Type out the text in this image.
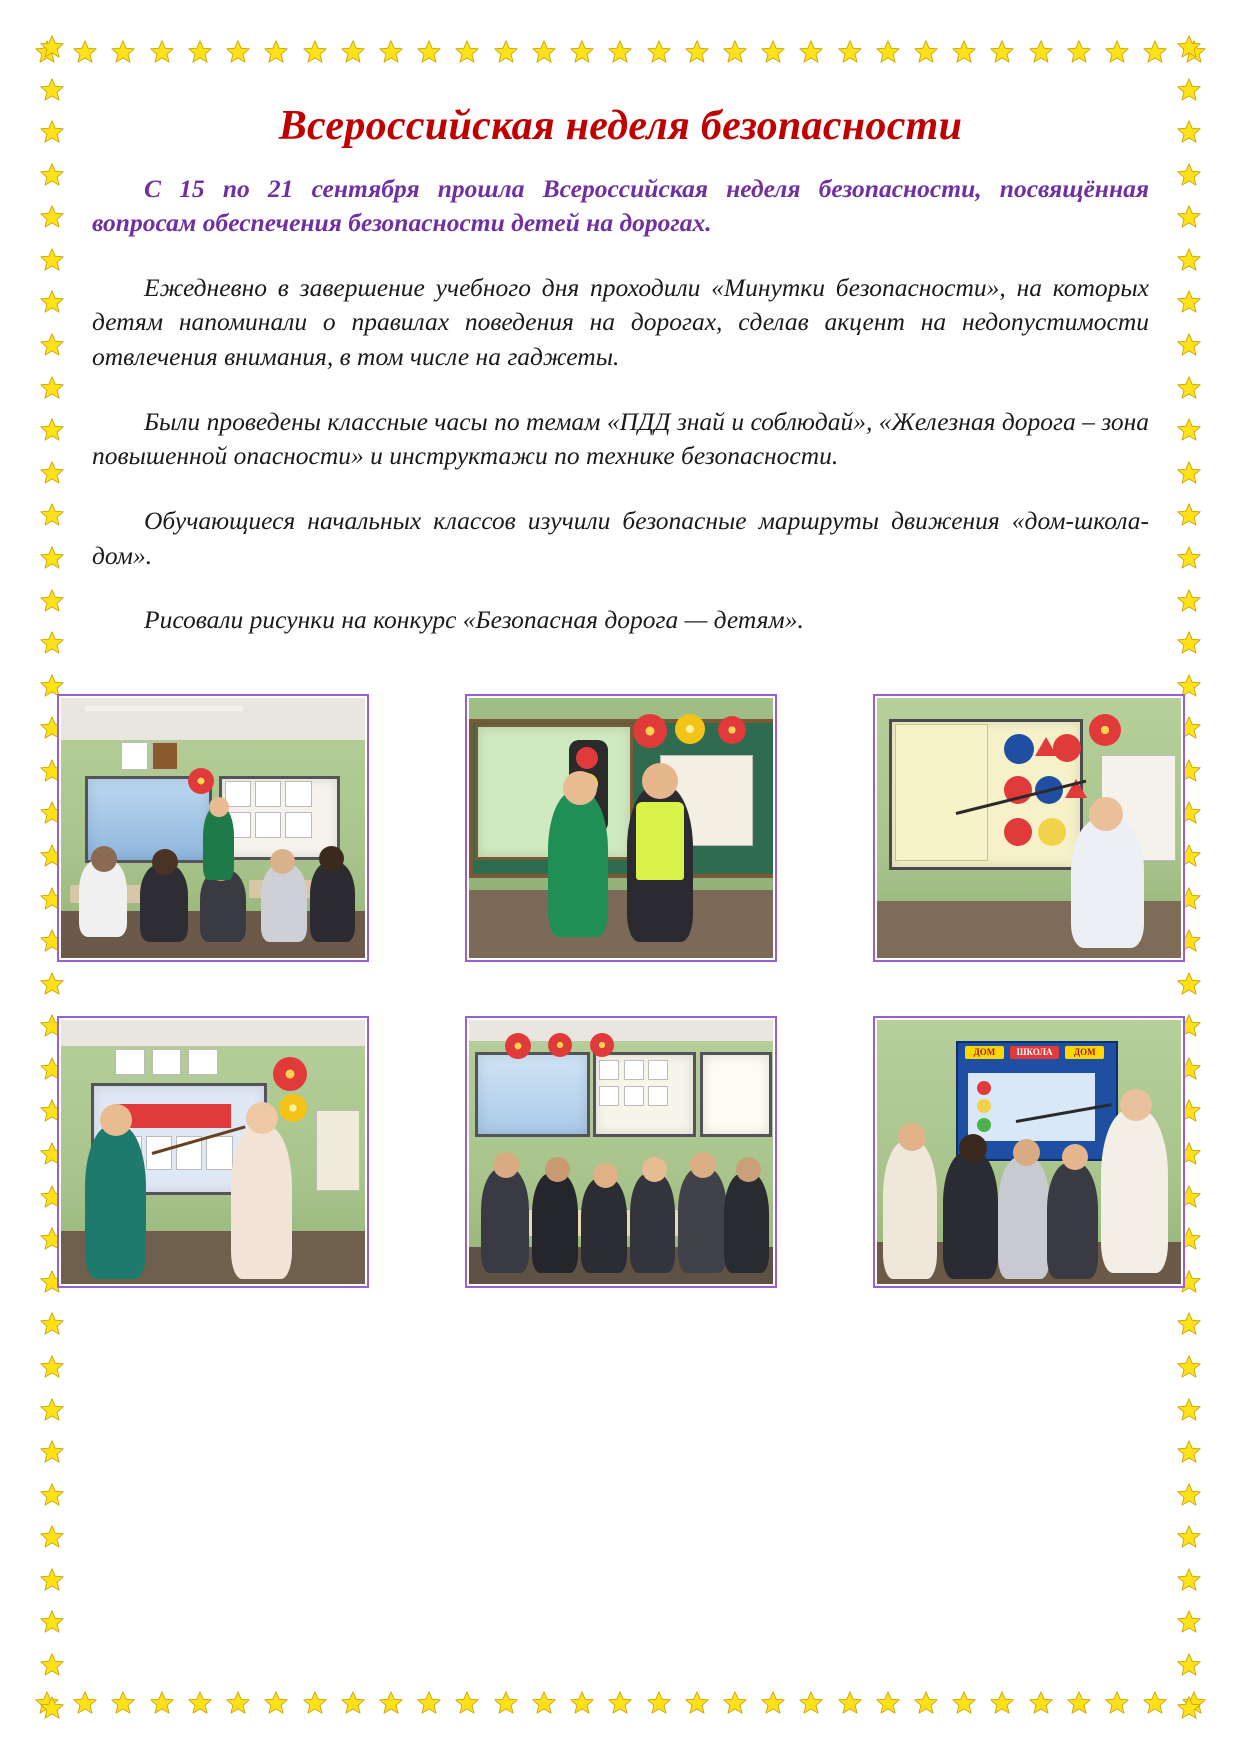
Всероссийская неделя безопасности

С 15 по 21 сентября прошла Всероссийская неделя безопасности, посвящённая вопросам обеспечения безопасности детей на дорогах.

Ежедневно в завершение учебного дня проходили «Минутки безопасности», на которых детям напоминали о правилах поведения на дорогах, сделав акцент на недопустимости отвлечения внимания, в том числе на гаджеты.

Были проведены классные часы по темам «ПДД знай и соблюдай», «Железная дорога – зона повышенной опасности» и инструктажи по технике безопасности.

Обучающиеся начальных классов изучили безопасные маршруты движения «дом-школа-дом».

Рисовали рисунки на конкурс «Безопасная дорога — детям».

ДОМ	ШКОЛА	ДОМ
